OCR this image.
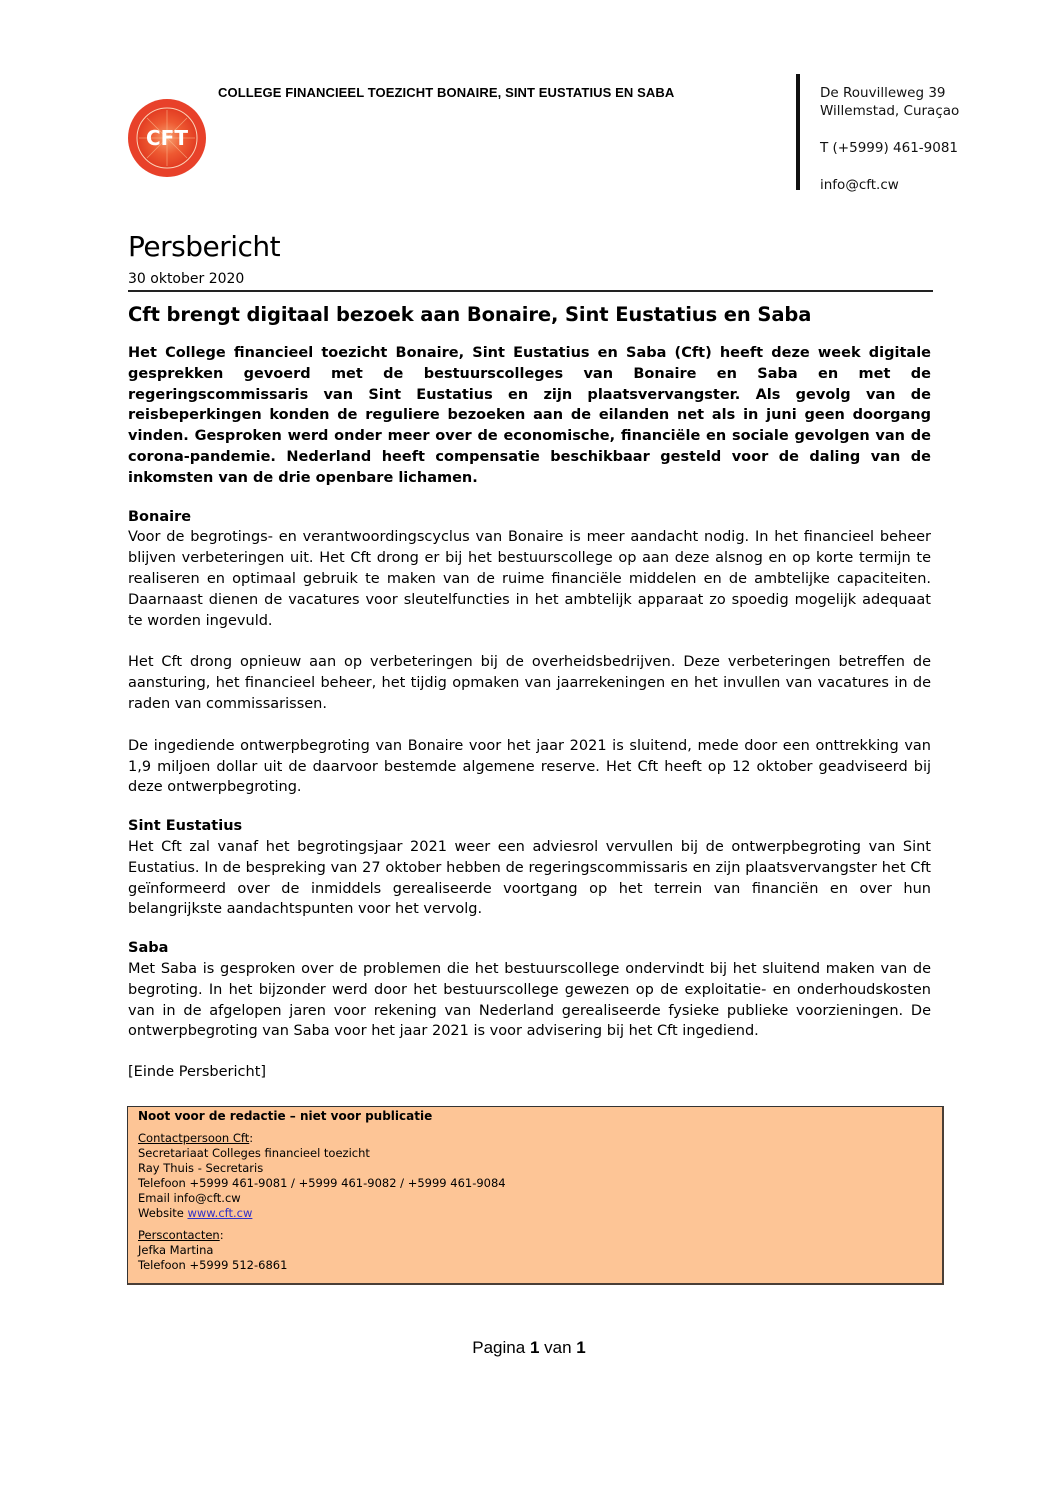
CFT
COLLEGE FINANCIEEL TOEZICHT BONAIRE, SINT EUSTATIUS EN SABA	De Rouvilleweg 39
Willemstad, Curaçao
T (+5999) 461-9081
info@cft.cw
Persbericht
30 oktober 2020
Cft brengt digitaal bezoek aan Bonaire, Sint Eustatius en Saba

Het College financieel toezicht Bonaire, Sint Eustatius en Saba (Cft) heeft deze week digitale gesprekken gevoerd met de bestuurscolleges van Bonaire en Saba en met de regeringscommissaris van Sint Eustatius en zijn plaatsvervangster. Als gevolg van de reisbeperkingen konden de reguliere bezoeken aan de eilanden net als in juni geen doorgang vinden. Gesproken werd onder meer over de economische, financiële en sociale gevolgen van de corona-pandemie. Nederland heeft compensatie beschikbaar gesteld voor de daling van de inkomsten van de drie openbare lichamen.

Bonaire

Voor de begrotings- en verantwoordingscyclus van Bonaire is meer aandacht nodig. In het financieel beheer blijven verbeteringen uit. Het Cft drong er bij het bestuurscollege op aan deze alsnog en op korte termijn te realiseren en optimaal gebruik te maken van de ruime financiële middelen en de ambtelijke capaciteiten. Daarnaast dienen de vacatures voor sleutelfuncties in het ambtelijk apparaat zo spoedig mogelijk adequaat te worden ingevuld.

Het Cft drong opnieuw aan op verbeteringen bij de overheidsbedrijven. Deze verbeteringen betreffen de aansturing, het financieel beheer, het tijdig opmaken van jaarrekeningen en het invullen van vacatures in de raden van commissarissen.

De ingediende ontwerpbegroting van Bonaire voor het jaar 2021 is sluitend, mede door een onttrekking van 1,9 miljoen dollar uit de daarvoor bestemde algemene reserve. Het Cft heeft op 12 oktober geadviseerd bij deze ontwerpbegroting.

Sint Eustatius

Het Cft zal vanaf het begrotingsjaar 2021 weer een adviesrol vervullen bij de ontwerpbegroting van Sint Eustatius. In de bespreking van 27 oktober hebben de regeringscommissaris en zijn plaatsvervangster het Cft geïnformeerd over de inmiddels gerealiseerde voortgang op het terrein van financiën en over hun belangrijkste aandachtspunten voor het vervolg.

Saba

Met Saba is gesproken over de problemen die het bestuurscollege ondervindt bij het sluitend maken van de begroting. In het bijzonder werd door het bestuurscollege gewezen op de exploitatie- en onderhoudskosten van in de afgelopen jaren voor rekening van Nederland gerealiseerde fysieke publieke voorzieningen. De ontwerpbegroting van Saba voor het jaar 2021 is voor advisering bij het Cft ingediend.

[Einde Persbericht]

Noot voor de redactie – niet voor publicatie
Contactpersoon Cft:
Secretariaat Colleges financieel toezicht
Ray Thuis - Secretaris
Telefoon +5999 461-9081 / +5999 461-9082 / +5999 461-9084
Email info@cft.cw
Website www.cft.cw
Perscontacten:
Jefka Martina
Telefoon +5999 512-6861
Pagina 1 van 1
